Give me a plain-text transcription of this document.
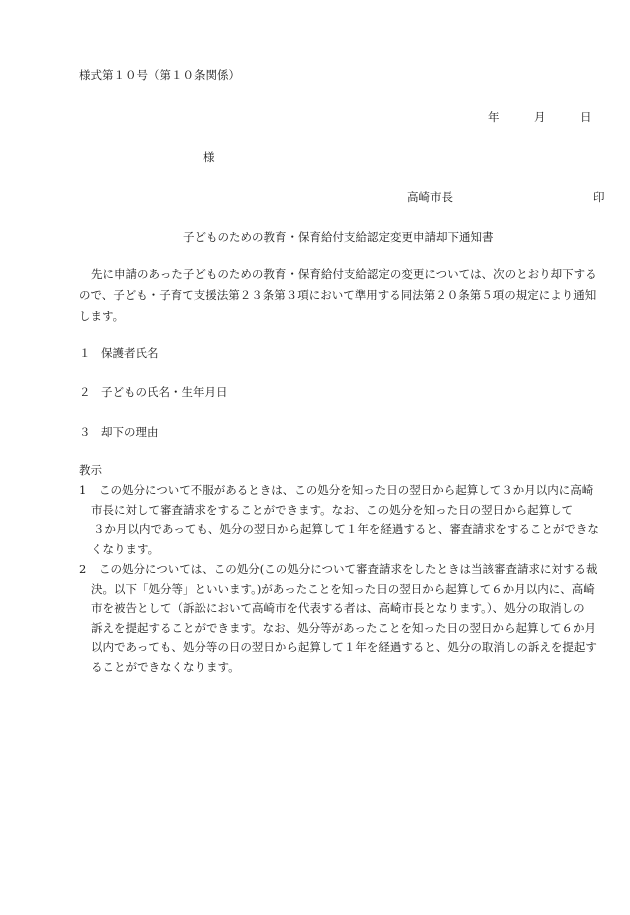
様式第１０号（第１０条関係）
年	月	日
様
高崎市長	印
子どものための教育・保育給付支給認定変更申請却下通知書
先に申請のあった子どものための教育・保育給付支給認定の変更については、次のとおり却下するので、子ども・子育て支援法第２３条第３項において準用する同法第２０条第５項の規定により通知します。
１ 保護者氏名
２ 子どもの氏名・生年月日
３ 却下の理由
教示
1 この処分について不服があるときは、この処分を知った日の翌日から起算して３か月以内に高崎
市長に対して審査請求をすることができます。なお、この処分を知った日の翌日から起算して
３か月以内であっても、処分の翌日から起算して１年を経過すると、審査請求をすることができな
くなります。
2 この処分については、この処分(この処分について審査請求をしたときは当該審査請求に対する裁
決。以下「処分等」といいます。)があったことを知った日の翌日から起算して６か月以内に、高崎
市を被告として（訴訟において高崎市を代表する者は、高崎市長となります。）、処分の取消しの
訴えを提起することができます。なお、処分等があったことを知った日の翌日から起算して６か月
以内であっても、処分等の日の翌日から起算して１年を経過すると、処分の取消しの訴えを提起す
ることができなくなります。
